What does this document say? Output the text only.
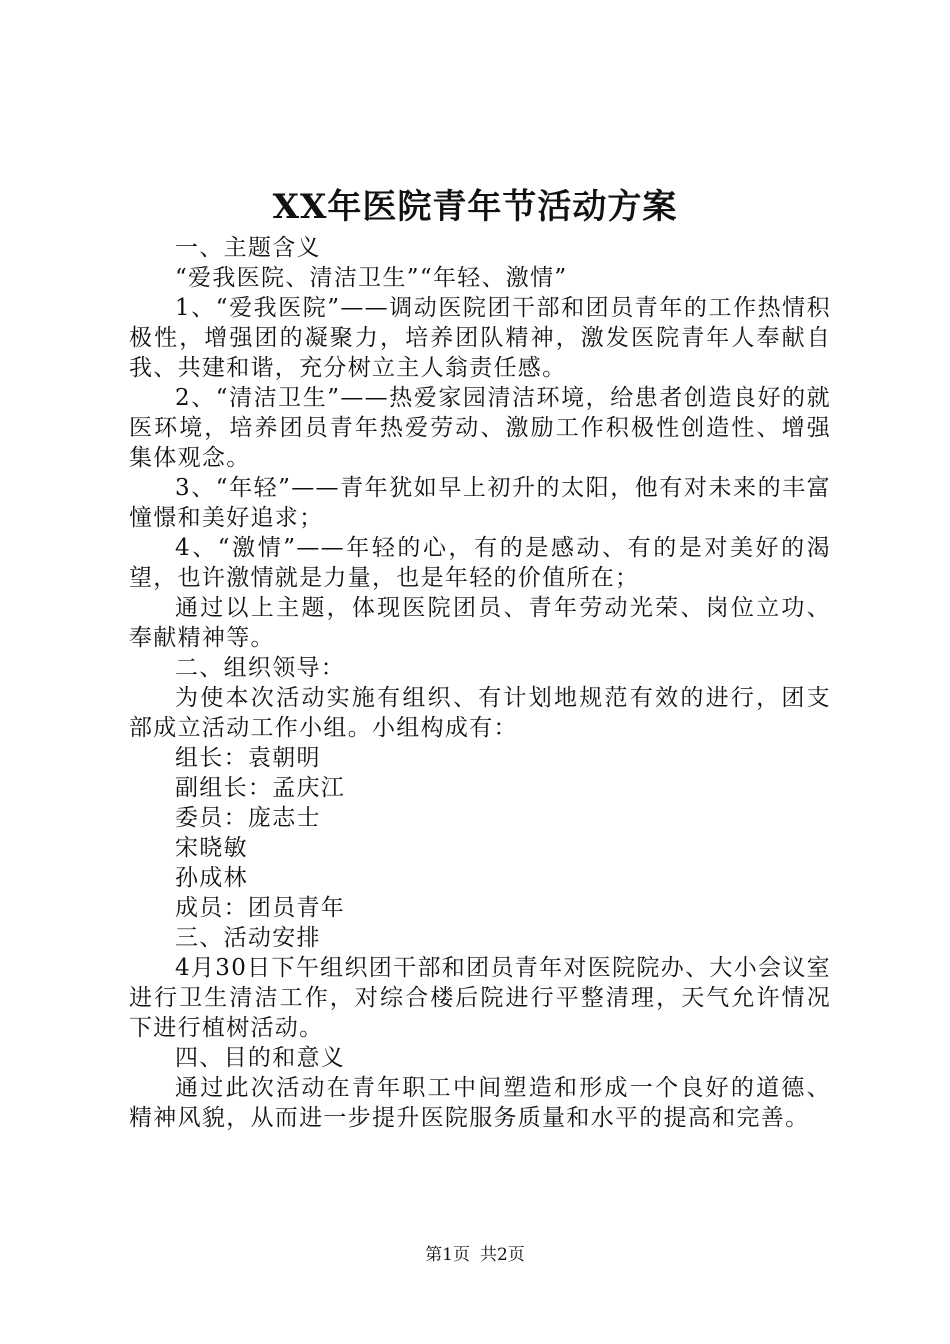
XX年医院青年节活动方案

一、主题含义

“爱我医院、清洁卫生”“年轻、激情”

1、“爱我医院”——调动医院团干部和团员青年的工作热情积极性，增强团的凝聚力，培养团队精神，激发医院青年人奉献自我、共建和谐，充分树立主人翁责任感。

2、“清洁卫生”——热爱家园清洁环境，给患者创造良好的就医环境，培养团员青年热爱劳动、激励工作积极性创造性、增强集体观念。

3、“年轻”——青年犹如早上初升的太阳，他有对未来的丰富憧憬和美好追求；

4、“激情”——年轻的心，有的是感动、有的是对美好的渴望，也许激情就是力量，也是年轻的价值所在；

通过以上主题，体现医院团员、青年劳动光荣、岗位立功、奉献精神等。

二、组织领导：

为使本次活动实施有组织、有计划地规范有效的进行，团支部成立活动工作小组。小组构成有：

组长：袁朝明

副组长：孟庆江

委员：庞志士

宋晓敏

孙成林

成员：团员青年

三、活动安排

4月30日下午组织团干部和团员青年对医院院办、大小会议室进行卫生清洁工作，对综合楼后院进行平整清理，天气允许情况下进行植树活动。

四、目的和意义

通过此次活动在青年职工中间塑造和形成一个良好的道德、精神风貌，从而进一步提升医院服务质量和水平的提高和完善。

第1页 共2页
